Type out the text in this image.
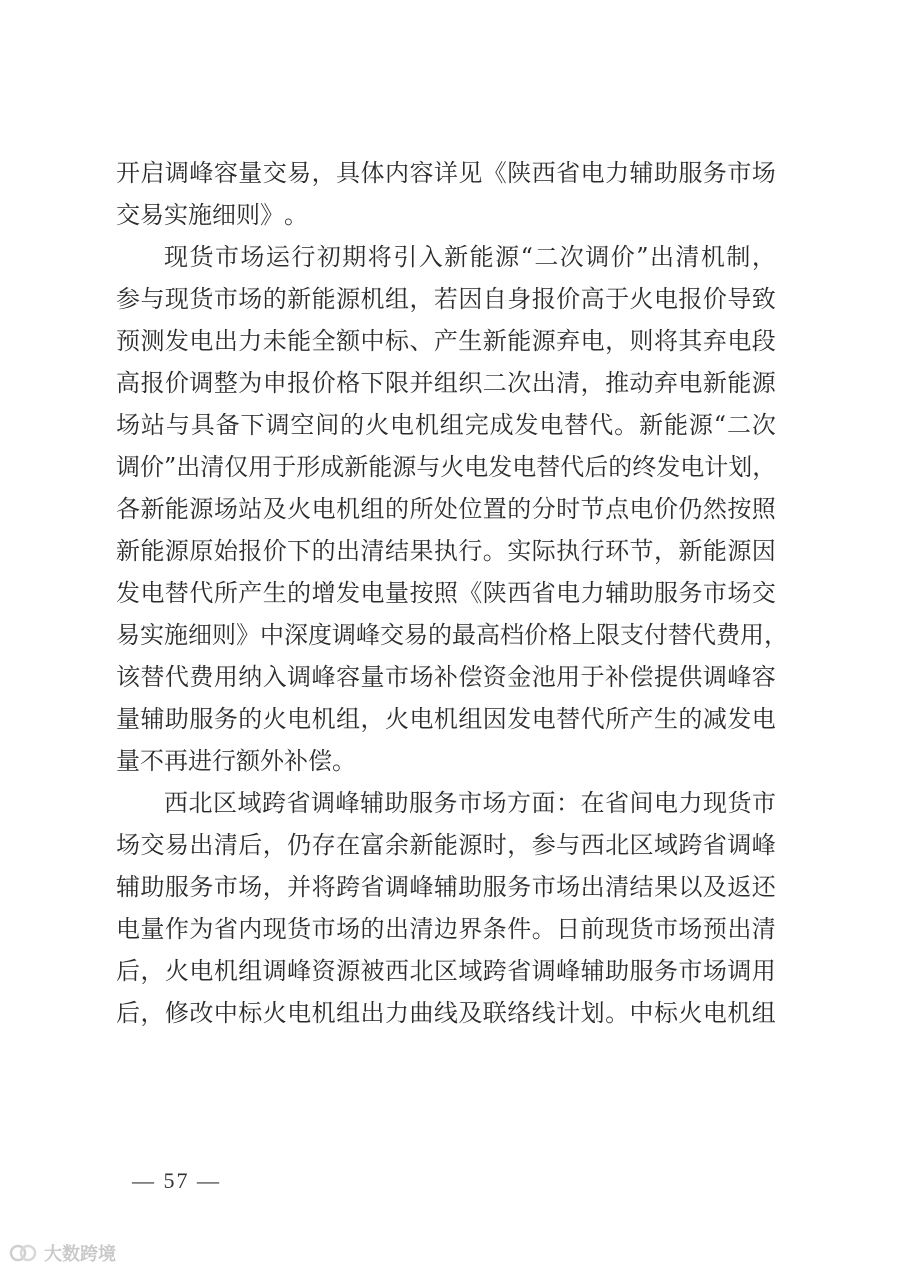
开 启 调 峰 容 量 交 易 ， 具 体 内 容 详 见 《 陕 西 省 电 力 辅 助 服 务 市 场
交 易 实 施 细 则 》 。
现 货 市 场 运 行 初 期 将 引 入 新 能 源 “ 二 次 调 价 ” 出 清 机 制 ，
参 与 现 货 市 场 的 新 能 源 机 组 ， 若 因 自 身 报 价 高 于 火 电 报 价 导 致
预 测 发 电 出 力 未 能 全 额 中 标 、 产 生 新 能 源 弃 电 ， 则 将 其 弃 电 段
高 报 价 调 整 为 申 报 价 格 下 限 并 组 织 二 次 出 清 ， 推 动 弃 电 新 能 源
场 站 与 具 备 下 调 空 间 的 火 电 机 组 完 成 发 电 替 代 。 新 能 源 “ 二 次
调 价 ” 出 清 仅 用 于 形 成 新 能 源 与 火 电 发 电 替 代 后 的 终 发 电 计 划 ，
各 新 能 源 场 站 及 火 电 机 组 的 所 处 位 置 的 分 时 节 点 电 价 仍 然 按 照
新 能 源 原 始 报 价 下 的 出 清 结 果 执 行 。 实 际 执 行 环 节 ， 新 能 源 因
发 电 替 代 所 产 生 的 增 发 电 量 按 照 《 陕 西 省 电 力 辅 助 服 务 市 场 交
易 实 施 细 则 》 中 深 度 调 峰 交 易 的 最 高 档 价 格 上 限 支 付 替 代 费 用 ，
该 替 代 费 用 纳 入 调 峰 容 量 市 场 补 偿 资 金 池 用 于 补 偿 提 供 调 峰 容
量 辅 助 服 务 的 火 电 机 组 ， 火 电 机 组 因 发 电 替 代 所 产 生 的 减 发 电
量 不 再 进 行 额 外 补 偿 。
西 北 区 域 跨 省 调 峰 辅 助 服 务 市 场 方 面 ： 在 省 间 电 力 现 货 市
场 交 易 出 清 后 ， 仍 存 在 富 余 新 能 源 时 ， 参 与 西 北 区 域 跨 省 调 峰
辅 助 服 务 市 场 ， 并 将 跨 省 调 峰 辅 助 服 务 市 场 出 清 结 果 以 及 返 还
电 量 作 为 省 内 现 货 市 场 的 出 清 边 界 条 件 。 日 前 现 货 市 场 预 出 清
后 ， 火 电 机 组 调 峰 资 源 被 西 北 区 域 跨 省 调 峰 辅 助 服 务 市 场 调 用
后 ， 修 改 中 标 火 电 机 组 出 力 曲 线 及 联 络 线 计 划 。 中 标 火 电 机 组
— 57 —
大数跨境
